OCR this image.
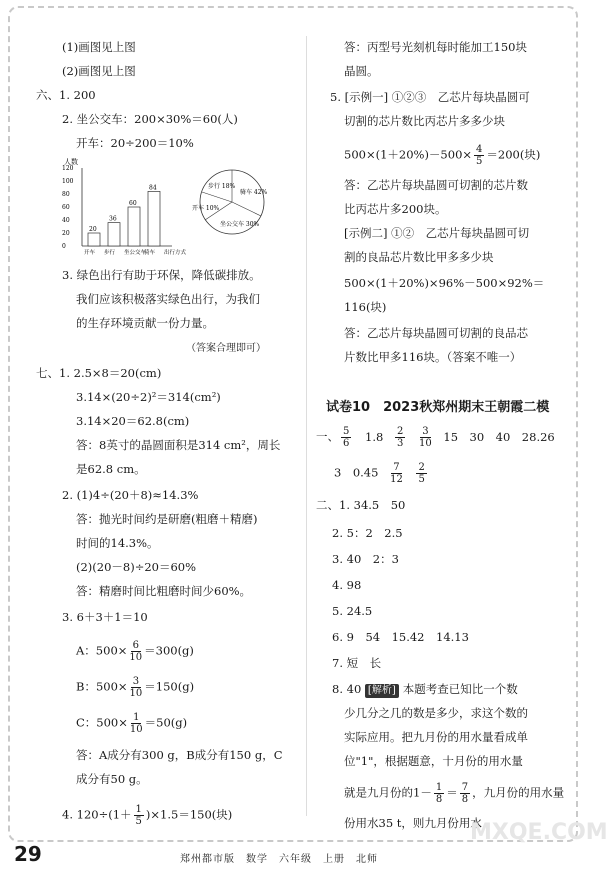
(1)画图见上图
(2)画图见上图
六、1. 200
2. 坐公交车：200×30%＝60(人)
开车：20÷200＝10%
人数
120
100
80
60
40
20
0
20
36
60
84
开车 步行 坐公交车
骑车 出行方式
步行 18%
骑车 42%
开车 10%
坐公交车 30%
3. 绿色出行有助于环保，降低碳排放。
我们应该积极落实绿色出行，为我们
的生存环境贡献一份力量。
（答案合理即可）
七、1. 2.5×8＝20(cm)
3.14×(20÷2)²＝314(cm²)
3.14×20＝62.8(cm)
答：8英寸的晶圆面积是314 cm²，周长
是62.8 cm。
2. (1)4÷(20＋8)≈14.3%
答：抛光时间约是研磨(粗磨＋精磨)
时间的14.3%。
(2)(20－8)÷20＝60%
答：精磨时间比粗磨时间少60%。
3. 6＋3＋1＝10
A：$500\times \frac{6}{10} =300(g)$
B：$500\times \frac{3}{10} =150(g)$
C：$500\times \frac{1}{10} =50(g)$
答：A成分有300 g，B成分有150 g，C
成分有50 g。
4. $120\div(1+ \frac{1}{5} )\times 1.5=150$(块)
答：丙型号光刻机每时能加工150块
晶圆。
5. [示例一] ①②③　乙芯片每块晶圆可
切割的芯片数比丙芯片多多少块
$500\times(1+20\%)-500\times \frac{4}{5} =200$(块)
答：乙芯片每块晶圆可切割的芯片数
比丙芯片多200块。
[示例二] ①②　乙芯片每块晶圆可切
割的良品芯片数比甲多多少块
500×(1＋20%)×96%－500×92%＝
116(块)
答：乙芯片每块晶圆可切割的良品芯
片数比甲多116块。（答案不唯一）
试卷10　2023秋郑州期末王朝霞二模
一、 $\frac{5}{6} 1.8 \frac{2}{3}$
$\frac{3}{10} 15$　30　40　28.26
3　$0.45 \frac{7}{12}$
$\frac{2}{5}$
二、1. 34.5　50
2. 5：2　2.5
3. 40　2：3
4. 98
5. 24.5
6. 9　54　15.42　14.13
7. 短　长
8. 40 [解析] 本题考查已知比一个数
少几分之几的数是多少，求这个数的
实际应用。把九月份的用水量看成单
位"1"，根据题意，十月份的用水量
就是九月份的$1- \frac{1}{8} = \frac{7}{8}$ ，九月份的用水量
份用水35 t，则九月份用水
MXQE.COM
29	郑州都市版　数学　六年级　上册　北师
